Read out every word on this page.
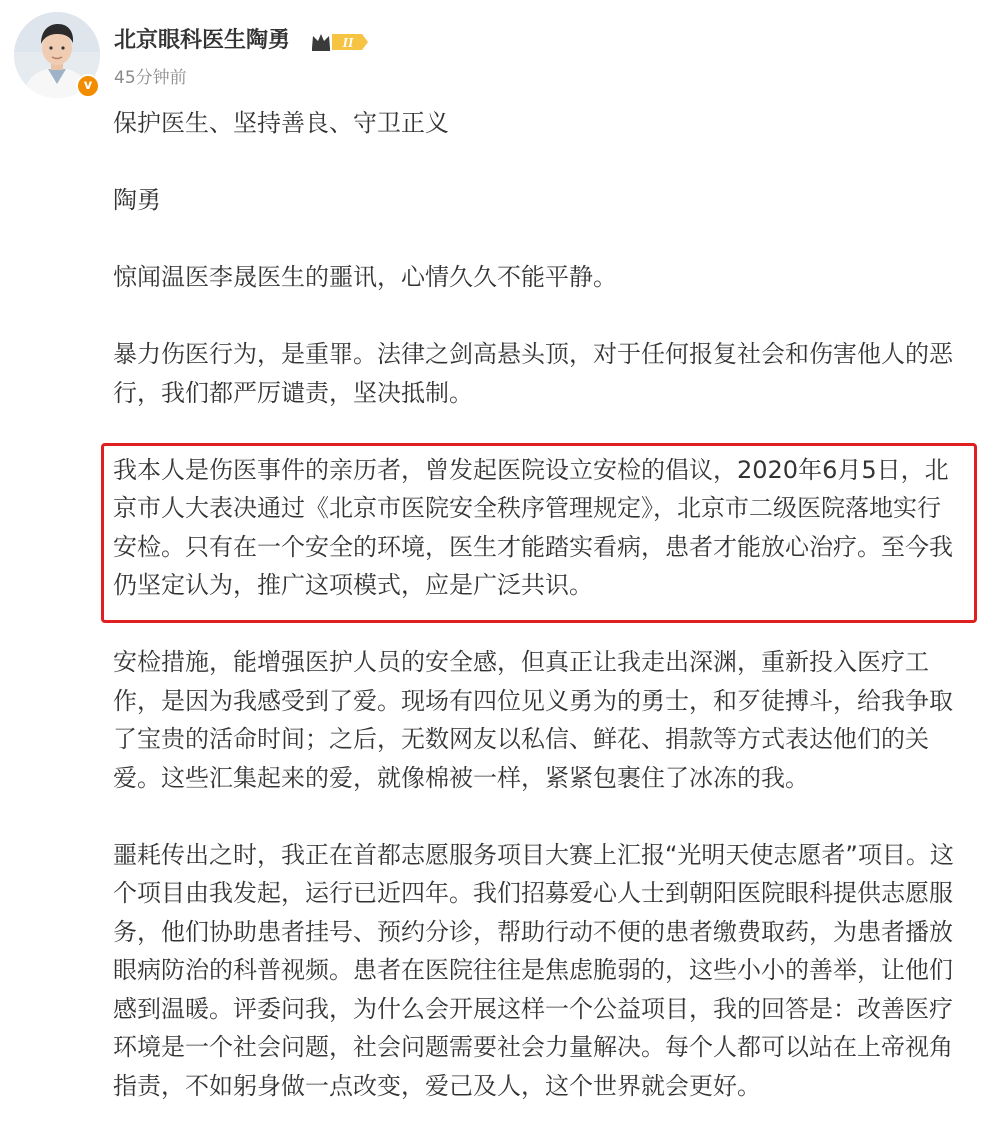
v
北京眼科医生陶勇	II
45分钟前

保护医生、坚持善良、守卫正义

陶勇

惊闻温医李晟医生的噩讯，心情久久不能平静。

暴力伤医行为，是重罪。法律之剑高悬头顶，对于任何报复社会和伤害他人的恶行，我们都严厉谴责，坚决抵制。

我本人是伤医事件的亲历者，曾发起医院设立安检的倡议，2020年6月5日，北京市人大表决通过《北京市医院安全秩序管理规定》，北京市二级医院落地实行安检。只有在一个安全的环境，医生才能踏实看病，患者才能放心治疗。至今我仍坚定认为，推广这项模式，应是广泛共识。

安检措施，能增强医护人员的安全感，但真正让我走出深渊，重新投入医疗工作，是因为我感受到了爱。现场有四位见义勇为的勇士，和歹徒搏斗，给我争取了宝贵的活命时间；之后，无数网友以私信、鲜花、捐款等方式表达他们的关爱。这些汇集起来的爱，就像棉被一样，紧紧包裹住了冰冻的我。

噩耗传出之时，我正在首都志愿服务项目大赛上汇报“光明天使志愿者”项目。这个项目由我发起，运行已近四年。我们招募爱心人士到朝阳医院眼科提供志愿服务，他们协助患者挂号、预约分诊，帮助行动不便的患者缴费取药，为患者播放眼病防治的科普视频。患者在医院往往是焦虑脆弱的，这些小小的善举，让他们感到温暖。评委问我，为什么会开展这样一个公益项目，我的回答是：改善医疗环境是一个社会问题，社会问题需要社会力量解决。每个人都可以站在上帝视角指责，不如躬身做一点改变，爱己及人，这个世界就会更好。
